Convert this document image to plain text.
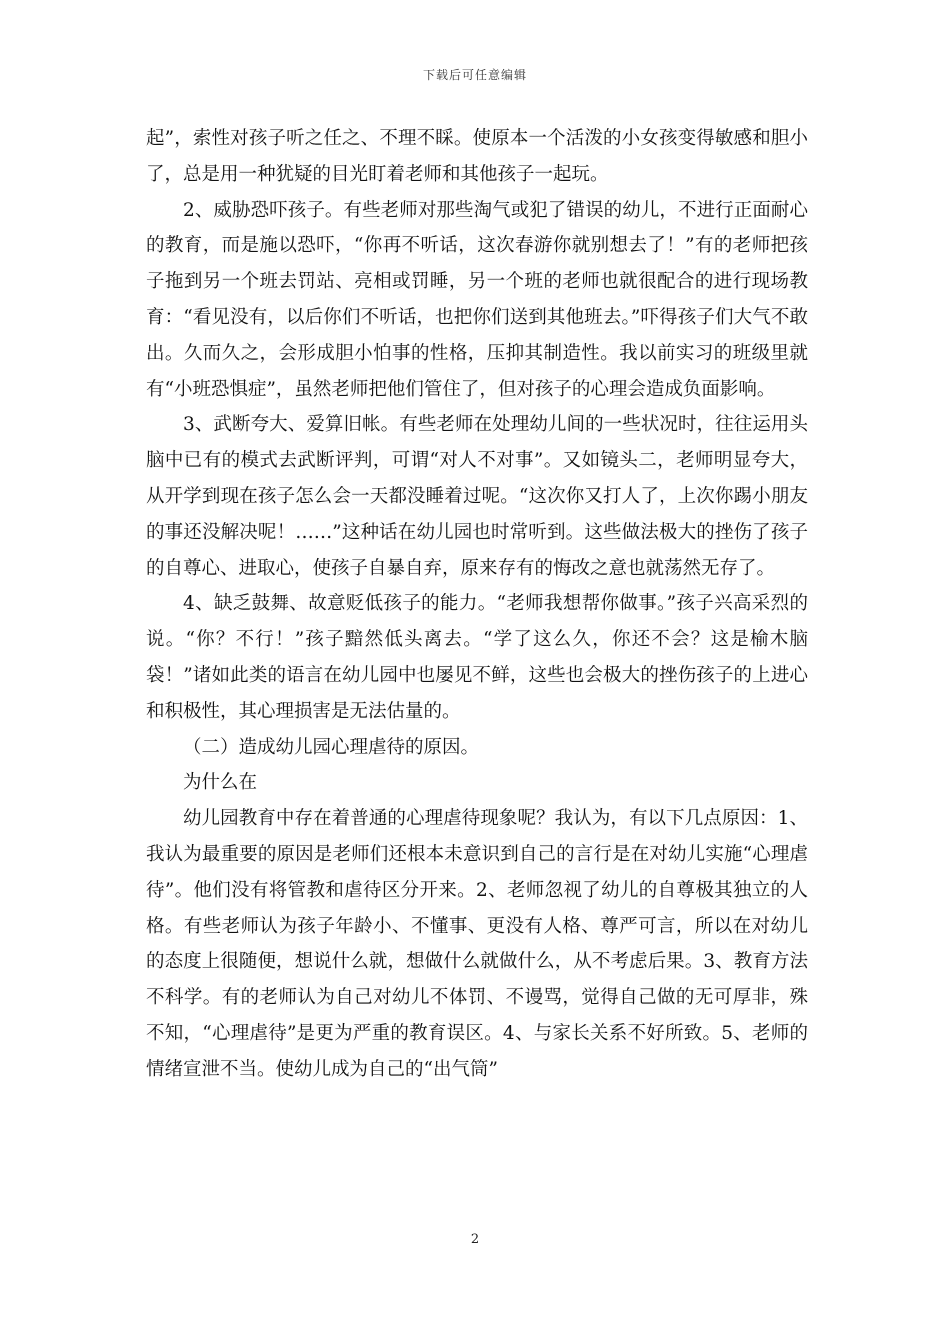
下载后可任意编辑

起”，索性对孩子听之任之、不理不睬。使原本一个活泼的小女孩变得敏感和胆小了，总是用一种犹疑的目光盯着老师和其他孩子一起玩。

2、威胁恐吓孩子。有些老师对那些淘气或犯了错误的幼儿，不进行正面耐心的教育，而是施以恐吓，“你再不听话，这次春游你就别想去了！”有的老师把孩子拖到另一个班去罚站、亮相或罚睡，另一个班的老师也就很配合的进行现场教育：“看见没有，以后你们不听话，也把你们送到其他班去。”吓得孩子们大气不敢出。久而久之，会形成胆小怕事的性格，压抑其制造性。我以前实习的班级里就有“小班恐惧症”，虽然老师把他们管住了，但对孩子的心理会造成负面影响。

3、武断夸大、爱算旧帐。有些老师在处理幼儿间的一些状况时，往往运用头脑中已有的模式去武断评判，可谓“对人不对事”。又如镜头二，老师明显夸大，从开学到现在孩子怎么会一天都没睡着过呢。“这次你又打人了，上次你踢小朋友的事还没解决呢！……”这种话在幼儿园也时常听到。这些做法极大的挫伤了孩子的自尊心、进取心，使孩子自暴自弃，原来存有的悔改之意也就荡然无存了。

4、缺乏鼓舞、故意贬低孩子的能力。“老师我想帮你做事。”孩子兴高采烈的说。“你？不行！”孩子黯然低头离去。“学了这么久，你还不会？这是榆木脑袋！”诸如此类的语言在幼儿园中也屡见不鲜，这些也会极大的挫伤孩子的上进心和积极性，其心理损害是无法估量的。

（二）造成幼儿园心理虐待的原因。

为什么在

幼儿园教育中存在着普通的心理虐待现象呢？我认为，有以下几点原因：1、我认为最重要的原因是老师们还根本未意识到自己的言行是在对幼儿实施“心理虐待”。他们没有将管教和虐待区分开来。2、老师忽视了幼儿的自尊极其独立的人格。有些老师认为孩子年龄小、不懂事、更没有人格、尊严可言，所以在对幼儿的态度上很随便，想说什么就，想做什么就做什么，从不考虑后果。3、教育方法不科学。有的老师认为自己对幼儿不体罚、不谩骂，觉得自己做的无可厚非，殊不知，“心理虐待”是更为严重的教育误区。4、与家长关系不好所致。5、老师的情绪宣泄不当。使幼儿成为自己的“出气筒”

2
